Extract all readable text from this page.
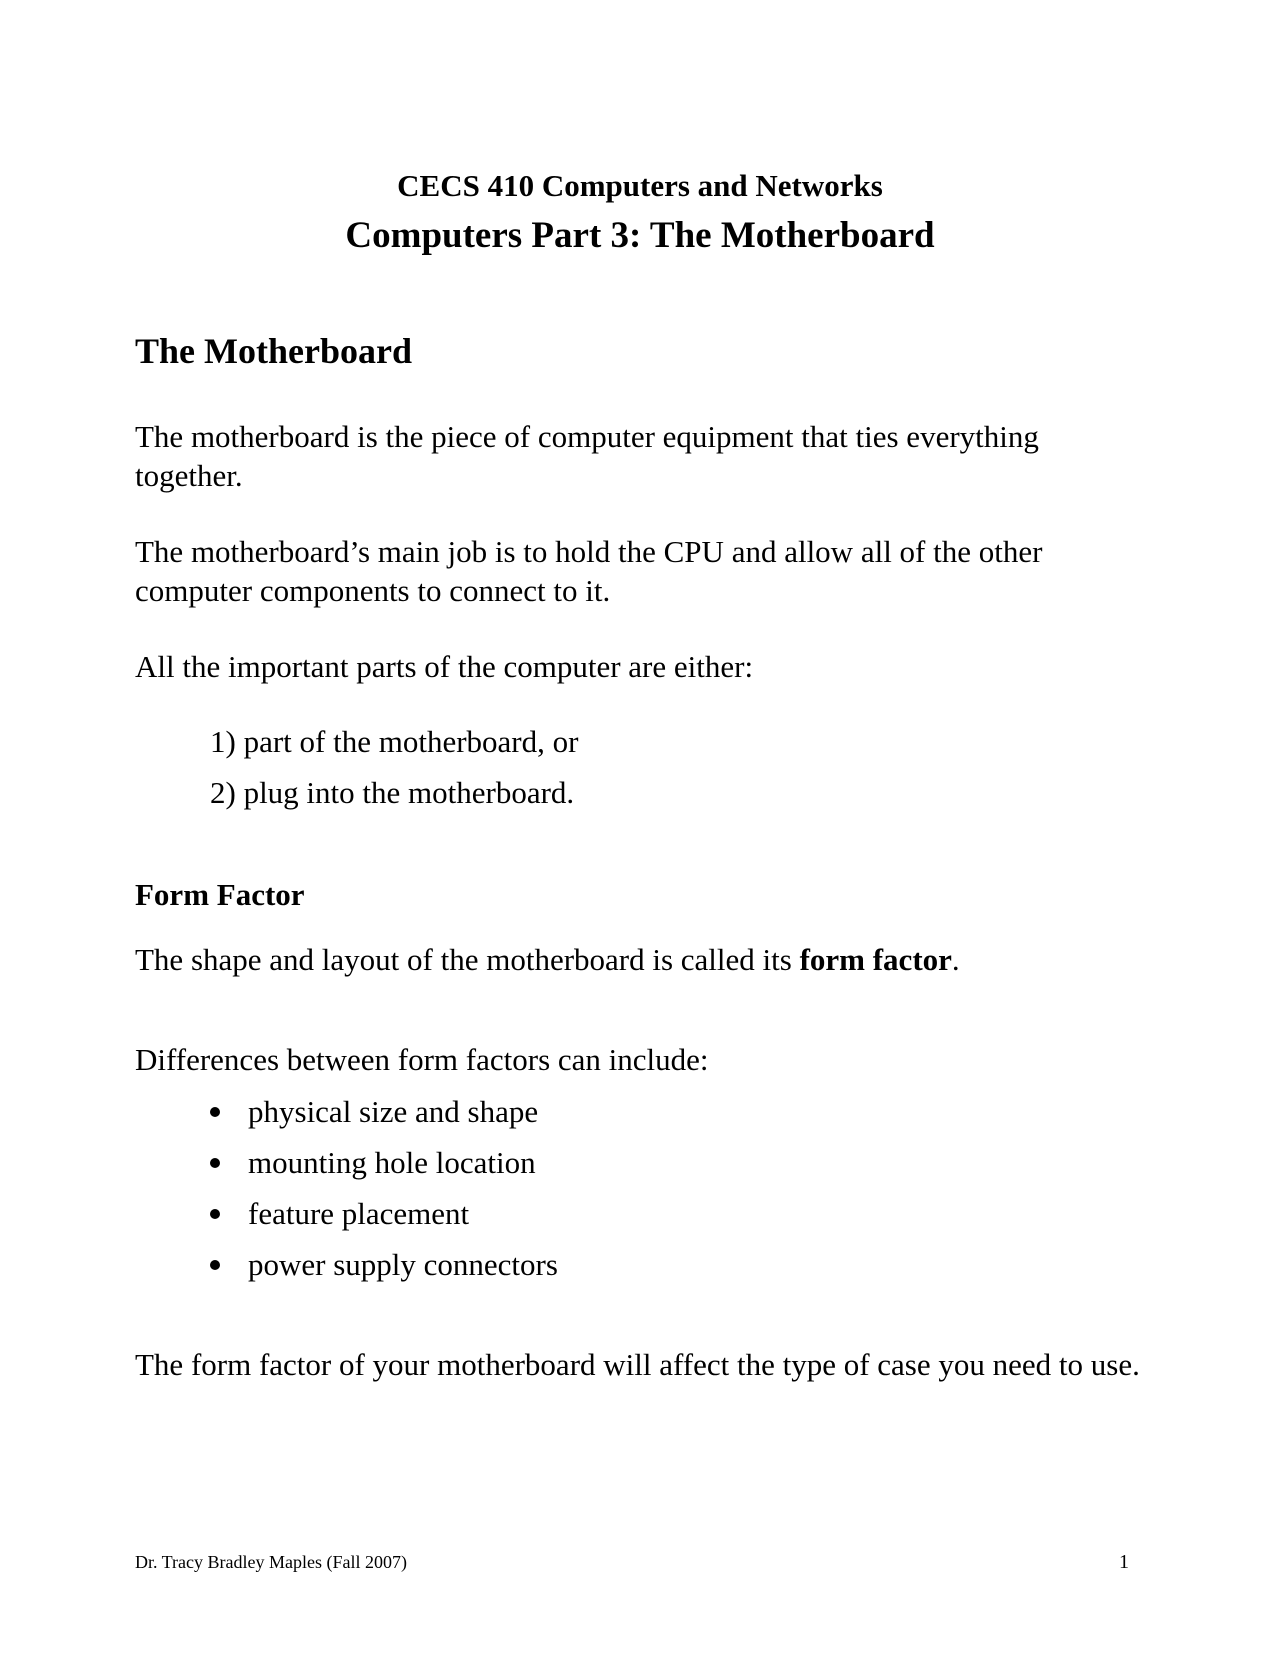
CECS 410 Computers and Networks
Computers Part 3: The Motherboard
The Motherboard

The motherboard is the piece of computer equipment that ties everything together.

The motherboard’s main job is to hold the CPU and allow all of the other computer components to connect to it.

All the important parts of the computer are either:

1) part of the motherboard, or
2) plug into the motherboard.
Form Factor

The shape and layout of the motherboard is called its form factor.

Differences between form factors can include:

physical size and shape
mounting hole location
feature placement
power supply connectors

The form factor of your motherboard will affect the type of case you need to use.

Dr. Tracy Bradley Maples (Fall 2007)	1
